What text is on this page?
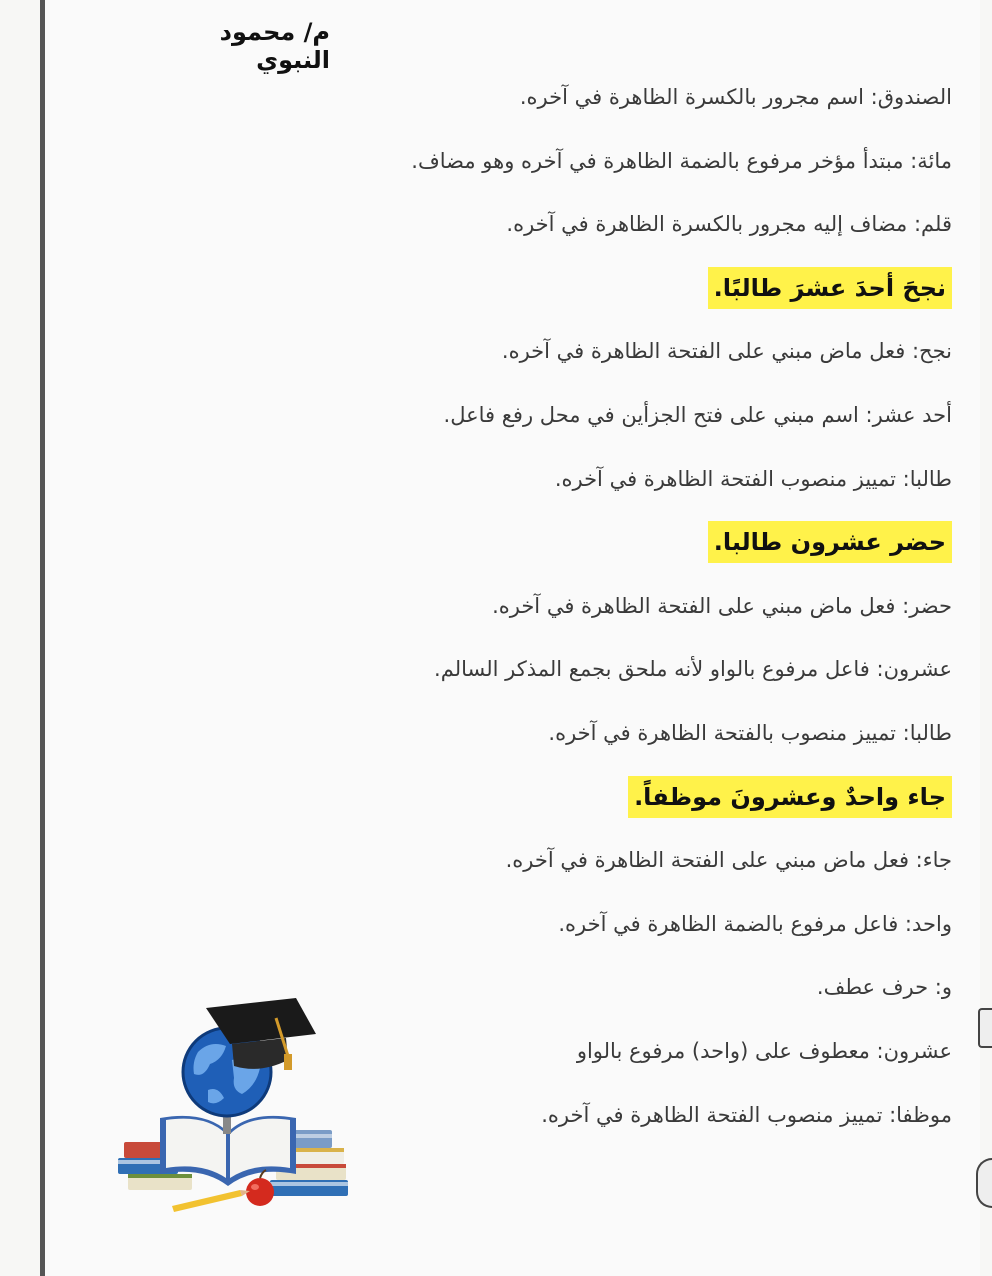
م/ محمود النبوي
الصندوق: اسم مجرور بالكسرة الظاهرة في آخره.
مائة: مبتدأ مؤخر مرفوع بالضمة الظاهرة في آخره وهو مضاف.
قلم: مضاف إليه مجرور بالكسرة الظاهرة في آخره.
نجحَ أحدَ عشرَ طالبًا.
نجح: فعل ماض مبني على الفتحة الظاهرة في آخره.
أحد عشر: اسم مبني على فتح الجزأين في محل رفع فاعل.
طالبا: تمييز منصوب الفتحة الظاهرة في آخره.
حضر عشرون طالبا.
حضر: فعل ماض مبني على الفتحة الظاهرة في آخره.
عشرون: فاعل مرفوع بالواو لأنه ملحق بجمع المذكر السالم.
طالبا: تمييز منصوب بالفتحة الظاهرة في آخره.
جاء واحدٌ وعشرونَ موظفاً.
جاء: فعل ماض مبني على الفتحة الظاهرة في آخره.
واحد: فاعل مرفوع بالضمة الظاهرة في آخره.
و: حرف عطف.
عشرون: معطوف على (واحد) مرفوع بالواو
موظفا: تمييز منصوب الفتحة الظاهرة في آخره.
